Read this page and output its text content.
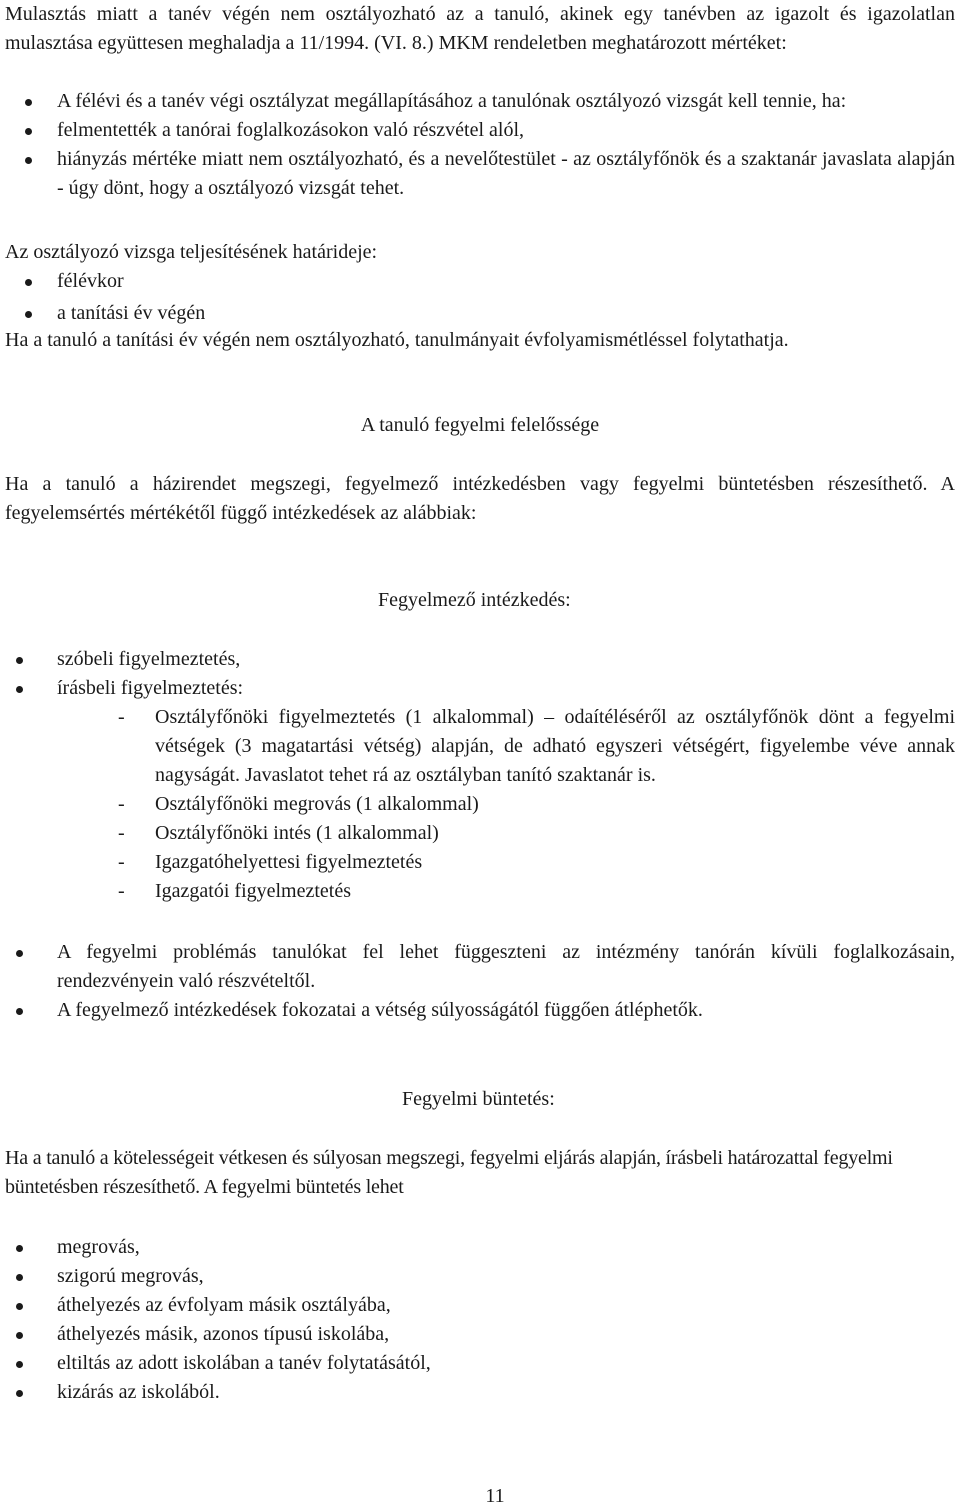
Mulasztás miatt a tanév végén nem osztályozható az a tanuló, akinek egy tanévben az igazolt és igazolatlan mulasztása együttesen meghaladja a 11/1994. (VI. 8.) MKM rendeletben meghatározott mértéket:

A félévi és a tanév végi osztályzat megállapításához a tanulónak osztályozó vizsgát kell tennie, ha:
felmentették a tanórai foglalkozásokon való részvétel alól,
hiányzás mértéke miatt nem osztályozható, és a nevelőtestület - az osztályfőnök és a szaktanár javaslata alapján - úgy dönt, hogy a osztályozó vizsgát tehet.

Az osztályozó vizsga teljesítésének határideje:

félévkor
a tanítási év végén

Ha a tanuló a tanítási év végén nem osztályozható, tanulmányait évfolyamismétléssel folytathatja.

A tanuló fegyelmi felelőssége

Ha a tanuló a házirendet megszegi, fegyelmező intézkedésben vagy fegyelmi büntetésben részesíthető. A fegyelemsértés mértékétől függő intézkedések az alábbiak:

Fegyelmező intézkedés:

szóbeli figyelmeztetés,
írásbeli figyelmeztetés:
- Osztályfőnöki figyelmeztetés (1 alkalommal) – odaítéléséről az osztályfőnök dönt a fegyelmi vétségek (3 magatartási vétség) alapján, de adható egyszeri vétségért, figyelembe véve annak nagyságát. Javaslatot tehet rá az osztályban tanító szaktanár is.
- Osztályfőnöki megrovás (1 alkalommal)
- Osztályfőnöki intés (1 alkalommal)
- Igazgatóhelyettesi figyelmeztetés
- Igazgatói figyelmeztetés
A fegyelmi problémás tanulókat fel lehet függeszteni az intézmény tanórán kívüli foglalkozásain, rendezvényein való részvételtől.
A fegyelmező intézkedések fokozatai a vétség súlyosságától függően átléphetők.

Fegyelmi büntetés:

Ha a tanuló a kötelességeit vétkesen és súlyosan megszegi, fegyelmi eljárás alapján, írásbeli határozattal fegyelmi büntetésben részesíthető. A fegyelmi büntetés lehet

megrovás,
szigorú megrovás,
áthelyezés az évfolyam másik osztályába,
áthelyezés másik, azonos típusú iskolába,
eltiltás az adott iskolában a tanév folytatásától,
kizárás az iskolából.
11
